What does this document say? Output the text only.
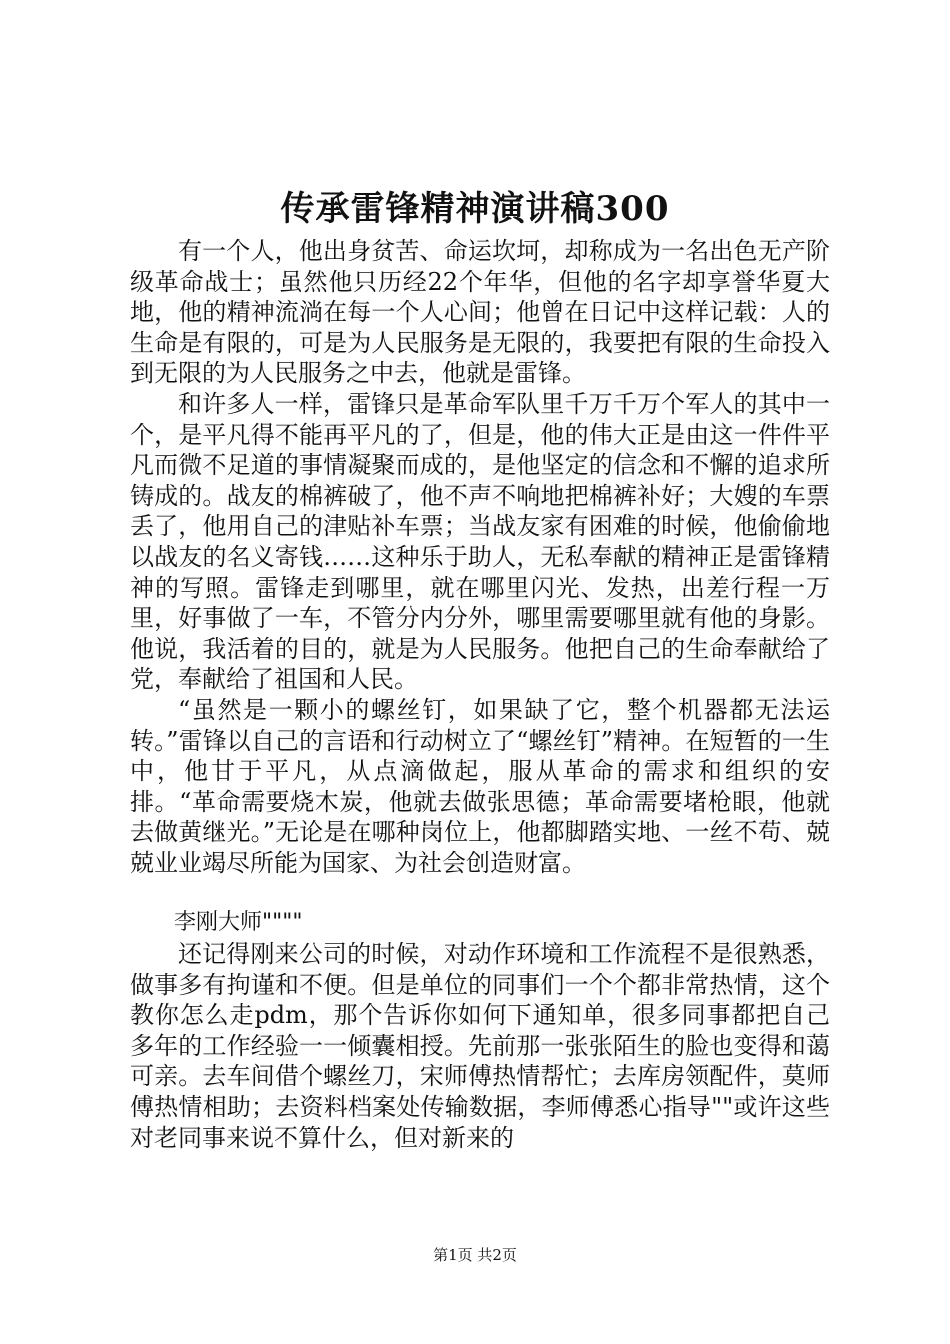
传承雷锋精神演讲稿300

有一个人，他出身贫苦、命运坎坷，却称成为一名出色无产阶级革命战士；虽然他只历经22个年华，但他的名字却享誉华夏大地，他的精神流淌在每一个人心间；他曾在日记中这样记载：人的生命是有限的，可是为人民服务是无限的，我要把有限的生命投入到无限的为人民服务之中去，他就是雷锋。

和许多人一样，雷锋只是革命军队里千万千万个军人的其中一个，是平凡得不能再平凡的了，但是，他的伟大正是由这一件件平凡而微不足道的事情凝聚而成的，是他坚定的信念和不懈的追求所铸成的。战友的棉裤破了，他不声不响地把棉裤补好；大嫂的车票丢了，他用自己的津贴补车票；当战友家有困难的时候，他偷偷地以战友的名义寄钱……这种乐于助人，无私奉献的精神正是雷锋精神的写照。雷锋走到哪里，就在哪里闪光、发热，出差行程一万里，好事做了一车，不管分内分外，哪里需要哪里就有他的身影。他说，我活着的目的，就是为人民服务。他把自己的生命奉献给了党，奉献给了祖国和人民。

“虽然是一颗小的螺丝钉，如果缺了它，整个机器都无法运转。”雷锋以自己的言语和行动树立了“螺丝钉”精神。在短暂的一生中，他甘于平凡，从点滴做起，服从革命的需求和组织的安排。“革命需要烧木炭，他就去做张思德；革命需要堵枪眼，他就去做黄继光。”无论是在哪种岗位上，他都脚踏实地、一丝不苟、兢兢业业竭尽所能为国家、为社会创造财富。

李刚大师""""

还记得刚来公司的时候，对动作环境和工作流程不是很熟悉，做事多有拘谨和不便。但是单位的同事们一个个都非常热情，这个教你怎么走pdm，那个告诉你如何下通知单，很多同事都把自己多年的工作经验一一倾囊相授。先前那一张张陌生的脸也变得和蔼可亲。去车间借个螺丝刀，宋师傅热情帮忙；去库房领配件，莫师傅热情相助；去资料档案处传输数据，李师傅悉心指导""或许这些对老同事来说不算什么，但对新来的

第1页 共2页
